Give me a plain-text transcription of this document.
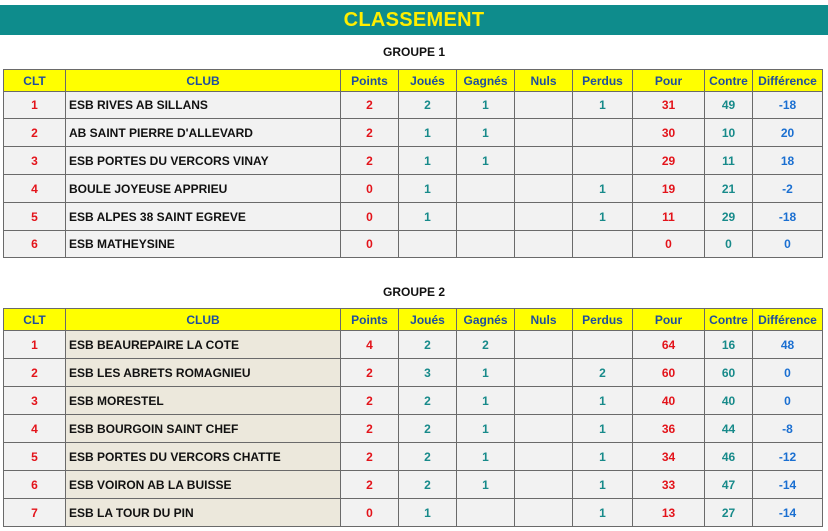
CLASSEMENT
GROUPE 1
CLT	CLUB	Points	Joués	Gagnés	Nuls	Perdus	Pour	Contre	Différence
1	ESB RIVES AB SILLANS	2	2	1		1	31	49	-18
2	AB SAINT PIERRE D'ALLEVARD	2	1	1			30	10	20
3	ESB PORTES DU VERCORS VINAY	2	1	1			29	11	18
4	BOULE JOYEUSE APPRIEU	0	1			1	19	21	-2
5	ESB ALPES 38 SAINT EGREVE	0	1			1	11	29	-18
6	ESB MATHEYSINE	0					0	0	0
GROUPE 2
CLT	CLUB	Points	Joués	Gagnés	Nuls	Perdus	Pour	Contre	Différence
1	ESB BEAUREPAIRE LA COTE	4	2	2			64	16	48
2	ESB LES ABRETS ROMAGNIEU	2	3	1		2	60	60	0
3	ESB MORESTEL	2	2	1		1	40	40	0
4	ESB BOURGOIN SAINT CHEF	2	2	1		1	36	44	-8
5	ESB PORTES DU VERCORS CHATTE	2	2	1		1	34	46	-12
6	ESB VOIRON AB LA BUISSE	2	2	1		1	33	47	-14
7	ESB LA TOUR DU PIN	0	1			1	13	27	-14
